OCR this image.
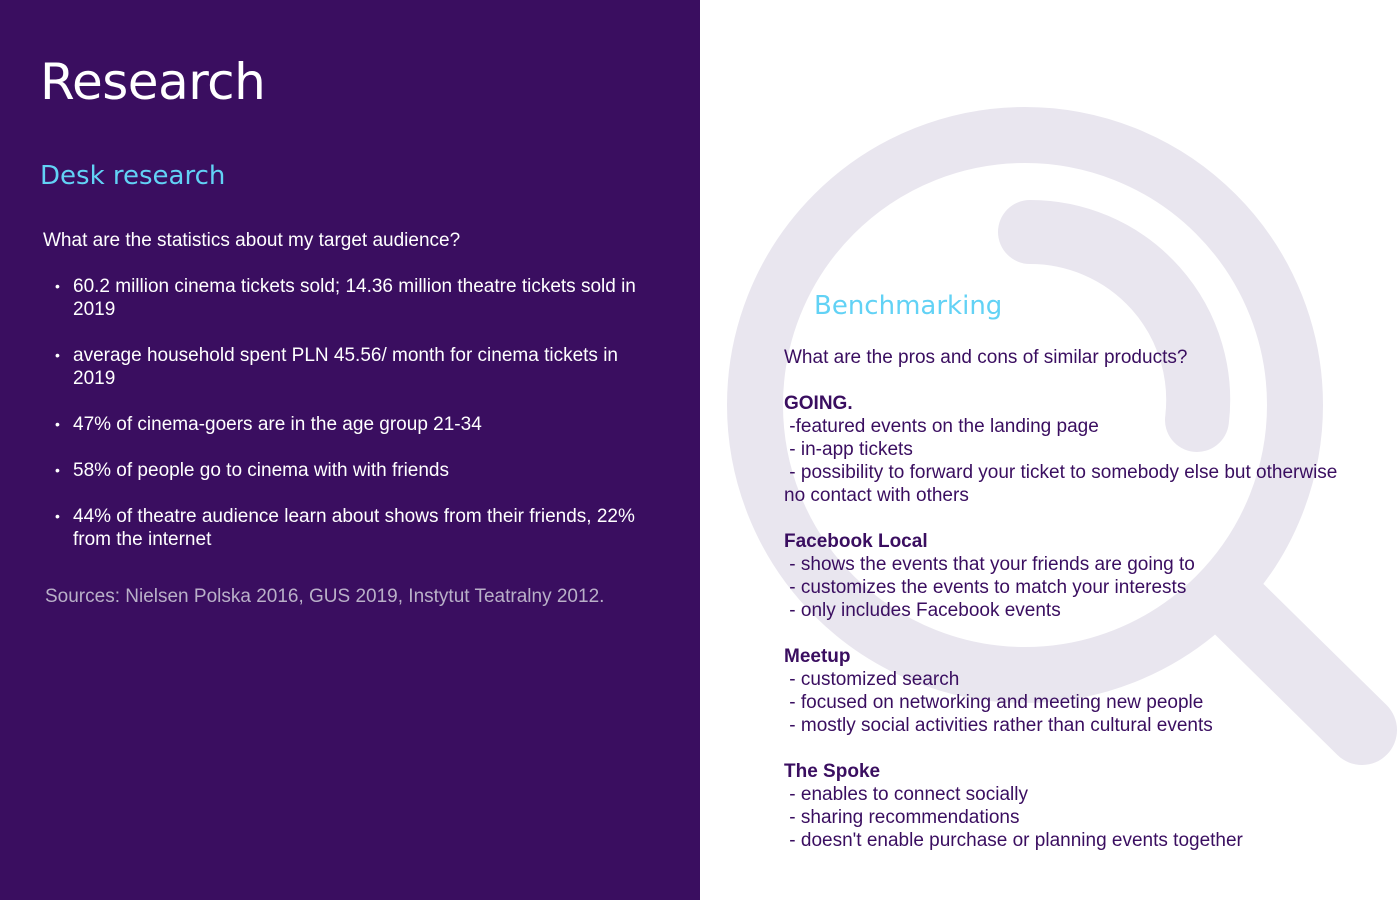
Research
Desk research
What are the statistics about my target audience?
• 60.2 million cinema tickets sold; 14.36 million theatre tickets sold in 2019
• average household spent PLN 45.56/ month for cinema tickets in 2019
• 47% of cinema-goers are in the age group 21-34
• 58% of people go to cinema with with friends
• 44% of theatre audience learn about shows from their friends, 22% from the internet
Sources: Nielsen Polska 2016, GUS 2019, Instytut Teatralny 2012.
Benchmarking
What are the pros and cons of similar products?
GOING.
-featured events on the landing page
- in-app tickets
- possibility to forward your ticket to somebody else but otherwise no contact with others
Facebook Local
- shows the events that your friends are going to
- customizes the events to match your interests
- only includes Facebook events
Meetup
- customized search
- focused on networking and meeting new people
- mostly social activities rather than cultural events
The Spoke
- enables to connect socially
- sharing recommendations
- doesn't enable purchase or planning events together
